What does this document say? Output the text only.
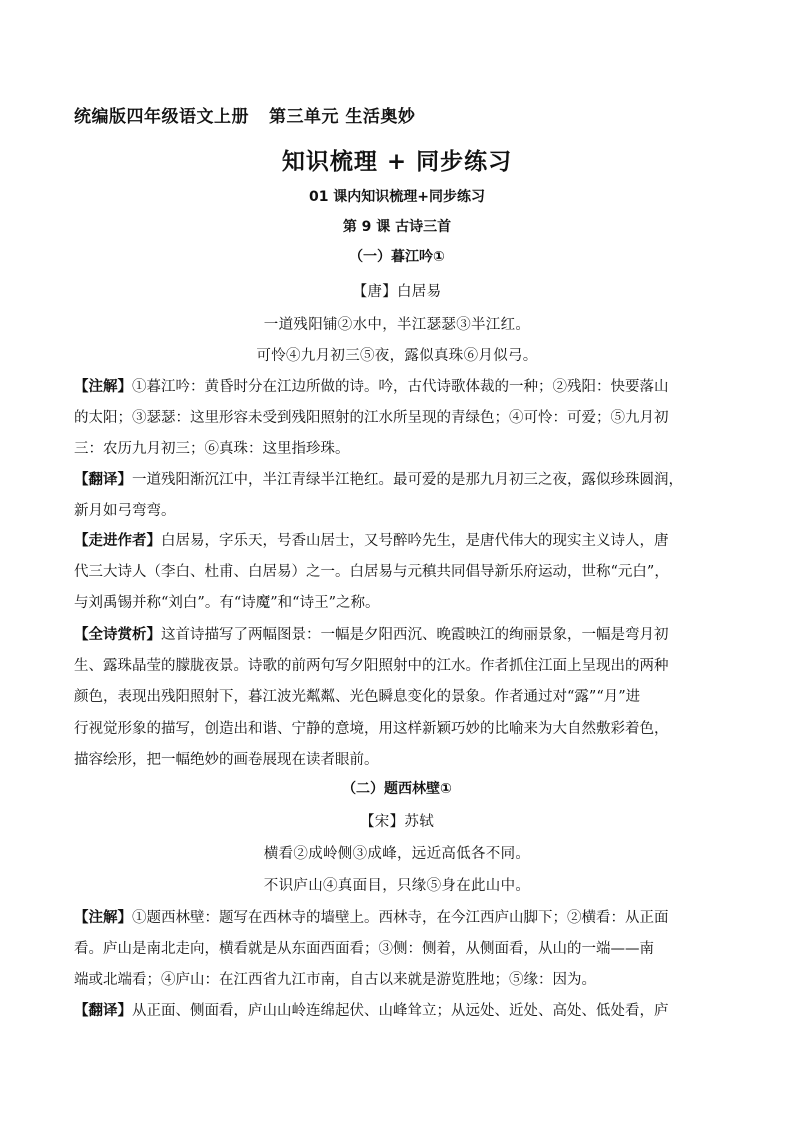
统编版四年级语文上册 第三单元 生活奥妙
知识梳理 + 同步练习
01 课内知识梳理+同步练习
第 9 课 古诗三首
（一）暮江吟①
【唐】白居易
一道残阳铺②水中，半江瑟瑟③半江红。
可怜④九月初三⑤夜，露似真珠⑥月似弓。
【注解】①暮江吟：黄昏时分在江边所做的诗。吟，古代诗歌体裁的一种；②残阳：快要落山
的太阳；③瑟瑟：这里形容未受到残阳照射的江水所呈现的青绿色；④可怜：可爱；⑤九月初
三：农历九月初三；⑥真珠：这里指珍珠。
【翻译】一道残阳渐沉江中，半江青绿半江艳红。最可爱的是那九月初三之夜，露似珍珠圆润，
新月如弓弯弯。
【走进作者】白居易，字乐天，号香山居士，又号醉吟先生，是唐代伟大的现实主义诗人，唐
代三大诗人（李白、杜甫、白居易）之一。白居易与元稹共同倡导新乐府运动，世称“元白”，
与刘禹锡并称“刘白”。有“诗魔”和“诗王”之称。
【全诗赏析】这首诗描写了两幅图景：一幅是夕阳西沉、晚霞映江的绚丽景象，一幅是弯月初
生、露珠晶莹的朦胧夜景。诗歌的前两句写夕阳照射中的江水。作者抓住江面上呈现出的两种
颜色，表现出残阳照射下，暮江波光粼粼、光色瞬息变化的景象。作者通过对“露”“月”进
行视觉形象的描写，创造出和谐、宁静的意境，用这样新颖巧妙的比喻来为大自然敷彩着色，
描容绘形，把一幅绝妙的画卷展现在读者眼前。
（二）题西林壁①
【宋】苏轼
横看②成岭侧③成峰，远近高低各不同。
不识庐山④真面目，只缘⑤身在此山中。
【注解】①题西林壁：题写在西林寺的墙壁上。西林寺，在今江西庐山脚下；②横看：从正面
看。庐山是南北走向，横看就是从东面西面看；③侧：侧着，从侧面看，从山的一端——南
端或北端看；④庐山：在江西省九江市南，自古以来就是游览胜地；⑤缘：因为。
【翻译】从正面、侧面看，庐山山岭连绵起伏、山峰耸立；从远处、近处、高处、低处看，庐
